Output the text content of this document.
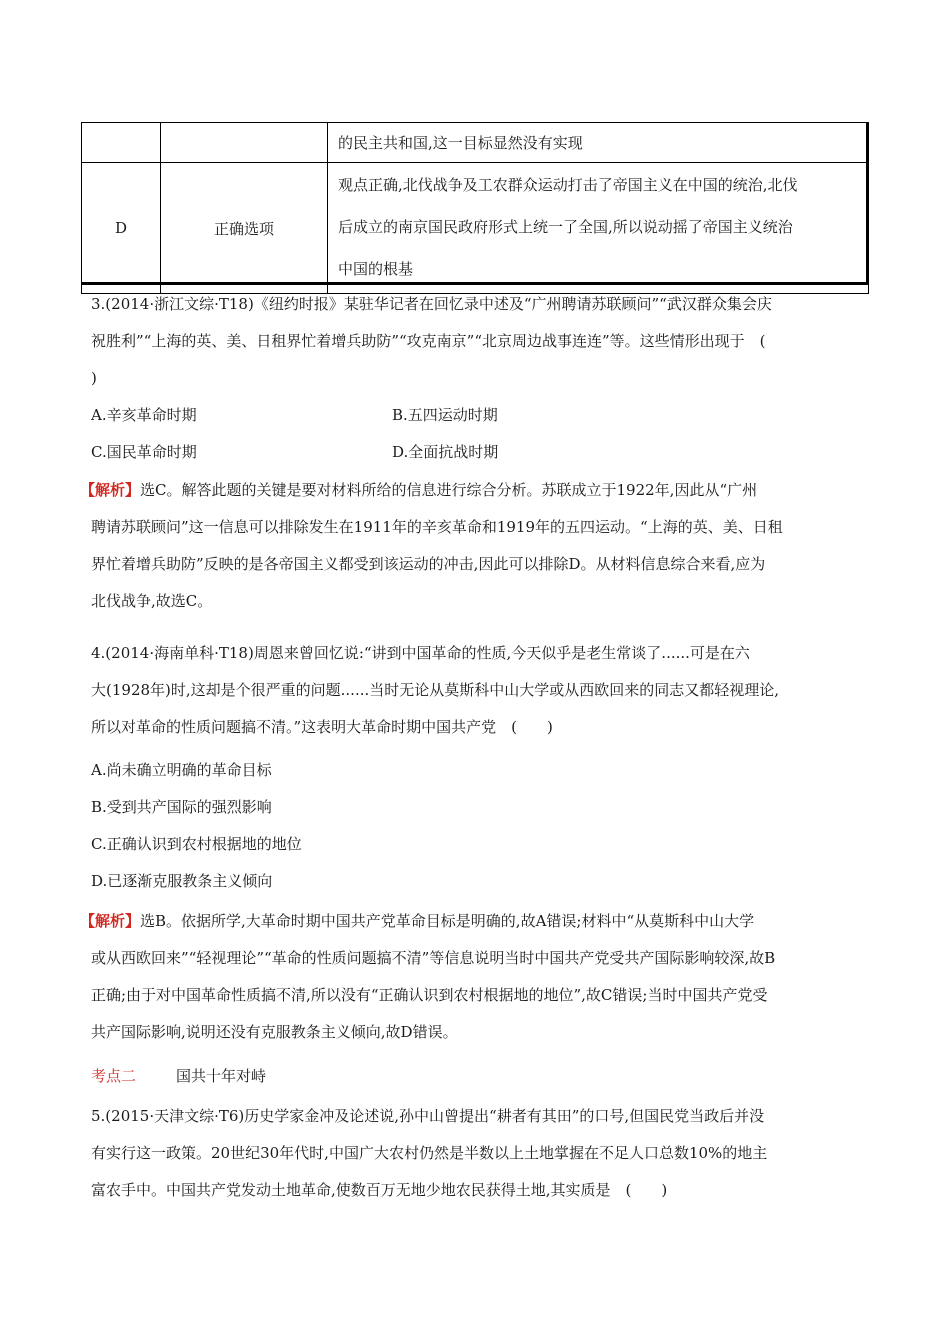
		的民主共和国,这一目标显然没有实现
D	正确选项	观点正确,北伐战争及工农群众运动打击了帝国主义在中国的统治,北伐
后成立的南京国民政府形式上统一了全国,所以说动摇了帝国主义统治
中国的根基

3.(2014·浙江文综·T18)《纽约时报》某驻华记者在回忆录中述及“广州聘请苏联顾问”“武汉群众集会庆

祝胜利”“上海的英、美、日租界忙着增兵助防”“攻克南京”“北京周边战事连连”等。这些情形出现于　(

)

A.辛亥革命时期	B.五四运动时期
C.国民革命时期	D.全面抗战时期

【解析】选C。解答此题的关键是要对材料所给的信息进行综合分析。苏联成立于1922年,因此从“广州

聘请苏联顾问”这一信息可以排除发生在1911年的辛亥革命和1919年的五四运动。“上海的英、美、日租

界忙着增兵助防”反映的是各帝国主义都受到该运动的冲击,因此可以排除D。从材料信息综合来看,应为

北伐战争,故选C。

4.(2014·海南单科·T18)周恩来曾回忆说:“讲到中国革命的性质,今天似乎是老生常谈了......可是在六

大(1928年)时,这却是个很严重的问题......当时无论从莫斯科中山大学或从西欧回来的同志又都轻视理论,

所以对革命的性质问题搞不清。”这表明大革命时期中国共产党　(　　)

A.尚未确立明确的革命目标
B.受到共产国际的强烈影响
C.正确认识到农村根据地的地位
D.已逐渐克服教条主义倾向

【解析】选B。依据所学,大革命时期中国共产党革命目标是明确的,故A错误;材料中“从莫斯科中山大学

或从西欧回来”“轻视理论”“革命的性质问题搞不清”等信息说明当时中国共产党受共产国际影响较深,故B

正确;由于对中国革命性质搞不清,所以没有“正确认识到农村根据地的地位”,故C错误;当时中国共产党受

共产国际影响,说明还没有克服教条主义倾向,故D错误。

考点二	国共十年对峙

5.(2015·天津文综·T6)历史学家金冲及论述说,孙中山曾提出“耕者有其田”的口号,但国民党当政后并没

有实行这一政策。20世纪30年代时,中国广大农村仍然是半数以上土地掌握在不足人口总数10%的地主

富农手中。中国共产党发动土地革命,使数百万无地少地农民获得土地,其实质是　(　　)
